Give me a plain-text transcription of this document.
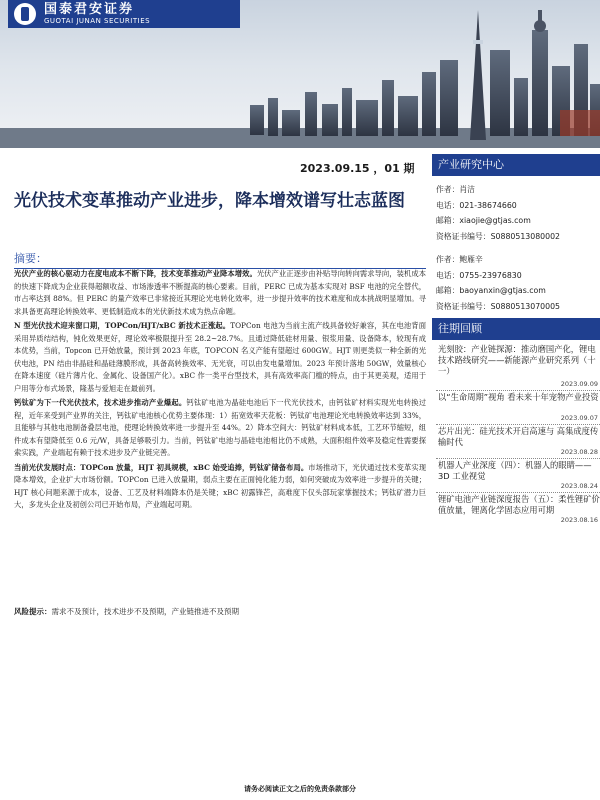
国泰君安证券
GUOTAI JUNAN SECURITIES
2023.09.15 ，01 期
光伏技术变革推动产业进步，降本增效谱写壮志蓝图
摘要：

光伏产业的核心驱动力在度电成本不断下降，技术变革推动产业降本增效。光伏产业正逐步由补贴导向转向需求导向，装机成本的快速下降成为企业获得超额收益、市场渗透率不断提高的核心要素。目前，PERC 已成为基本实现对 BSF 电池的完全替代，市占率达到 88%。但 PERC 的量产效率已非常接近其理论光电转化效率，进一步提升效率的技术难度和成本挑战明显增加。寻求具备更高理论转换效率、更低制造成本的光伏新技术成为热点命题。

N 型光伏技术迎来窗口期，TOPCon/HJT/xBC 新技术正涨起。TOPCon 电池为当前主流产线具备较好兼容，其在电池背面采用异质结结构，钝化效果更好，理论效率极限提升至 28.2~28.7%。且通过降低硅材用量、银浆用量、设备降本，较现有成本优势，当前，Topcon 已开始放量，预计到 2023 年底，TOPCON 名义产能有望超过 600GW。HJT 则更类似一种全新的光伏电池，PN 结由非晶硅和晶硅薄膜形成，具备高转换效率、无光衰，可以由发电量增加。2023 年预计落地 50GW，效量核心在降本速度（硅片薄片化、金属化、设备国产化）。xBC 作一类平台型技术，具有高效率高门槛的特点，由于其更美观，适用于户用等分布式场景，隆基与爱旭走在最前列。

钙钛矿为下一代光伏技术，技术进步推动产业爆起。钙钛矿电池为晶硅电池后下一代光伏技术，由钙钛矿材料实现光电转换过程，近年来受到产业界的关注，钙钛矿电池核心优势主要体现：1）拓宽效率天花板：钙钛矿电池理论光电转换效率达到 33%，且能够与其他电池制备叠层电池，使理论转换效率进一步提升至 44%。2）降本空间大：钙钛矿材料成本低，工艺环节缩短，组件成本有望降低至 0.6 元/W，具备足够吸引力。当前，钙钛矿电池与晶硅电池相比仍不成熟，大面积组件效率及稳定性需要探索实践，产业端起有赖于技术进步及产业链完善。

当前光伏发展时点：TOPCon 放量，HJT 初具规模，xBC 始受追捧，钙钛矿储备布局。市场推动下，光伏通过技术变革实现降本增效，企业扩大市场份额。TOPCon 已进入放量期，弱点主要在正面钝化能力弱，如何突破成为效率进一步提升的关键；HJT 核心问题来源于成本，设备、工艺及材料端降本仍是关键；xBC 初露锋芒，高难度下仅头部玩家掌握技术；钙钛矿潜力巨大，多龙头企业及初创公司已开始布局，产业端起可期。

风险提示：需求不及预计，技术进步不及预期，产业链推进不及预期
产业研究中心
作者：肖洁
电话：021-38674660
邮箱：xiaojie@gtjas.com
资格证书编号：S0880513080002
作者：鲍雁辛
电话：0755-23976830
邮箱：baoyanxin@gtjas.com
资格证书编号：S0880513070005
往期回顾
光刻胶：产业链探源：推动磨国产化，锂电技术路线研究——新能源产业研究系列（十一）
2023.09.09
以“生命周期”视角 看未来十年宠物产业投资
2023.09.07
芯片出光：硅光技术开启高速与 高集成度传输时代
2023.08.28
机器人产业深度（四）：机器人的眼睛——3D 工业视觉
2023.08.24
锂矿电池产业链深度报告（五）：柔性锂矿价值放量，锂离化学固态应用可期
2023.08.16
请务必阅读正文之后的免责条款部分
